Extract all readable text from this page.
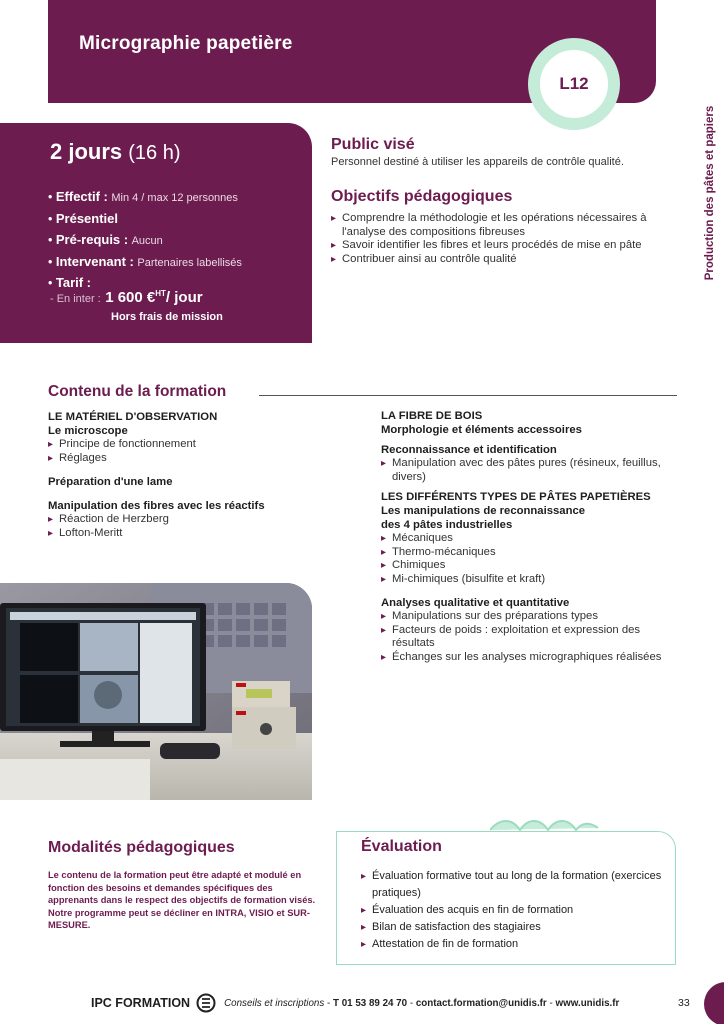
Micrographie papetière
L12
Production des pâtes et papiers
2 jours (16 h)
• Effectif : Min 4 / max 12 personnes
• Présentiel
• Pré-requis : Aucun
• Intervenant : Partenaires labellisés
• Tarif :
- En inter : 1 600 €$^{HT}$/ jour
Hors frais de mission
Public visé
Personnel destiné à utiliser les appareils de contrôle qualité.
Objectifs pédagogiques
▸ Comprendre la méthodologie et les opérations nécessaires à l'analyse des compositions fibreuses
▸ Savoir identifier les fibres et leurs procédés de mise en pâte
▸ Contribuer ainsi au contrôle qualité
Contenu de la formation
LE MATÉRIEL D'OBSERVATION
Le microscope
▸ Principe de fonctionnement
▸ Réglages
Préparation d'une lame
Manipulation des fibres avec les réactifs
▸ Réaction de Herzberg
▸ Lofton-Meritt
LA FIBRE DE BOIS
Morphologie et éléments accessoires
Reconnaissance et identification
▸ Manipulation avec des pâtes pures (résineux, feuillus, divers)
LES DIFFÉRENTS TYPES DE PÂTES PAPETIÈRES
Les manipulations de reconnaissance
des 4 pâtes industrielles
▸ Mécaniques
▸ Thermo-mécaniques
▸ Chimiques
▸ Mi-chimiques (bisulfite et kraft)
Analyses qualitative et quantitative
▸ Manipulations sur des préparations types
▸ Facteurs de poids : exploitation et expression des résultats
▸ Échanges sur les analyses micrographiques réalisées
Modalités pédagogiques
Le contenu de la formation peut être adapté et modulé en fonction des besoins et demandes spécifiques des apprenants dans le respect des objectifs de formation visés. Notre programme peut se décliner en INTRA, VISIO et SUR-MESURE.
Évaluation
▸ Évaluation formative tout au long de la formation (exercices pratiques)
▸ Évaluation des acquis en fin de formation
▸ Bilan de satisfaction des stagiaires
▸ Attestation de fin de formation
IPC FORMATION	Conseils et inscriptions - T 01 53 89 24 70 - contact.formation@unidis.fr - www.unidis.fr	33
